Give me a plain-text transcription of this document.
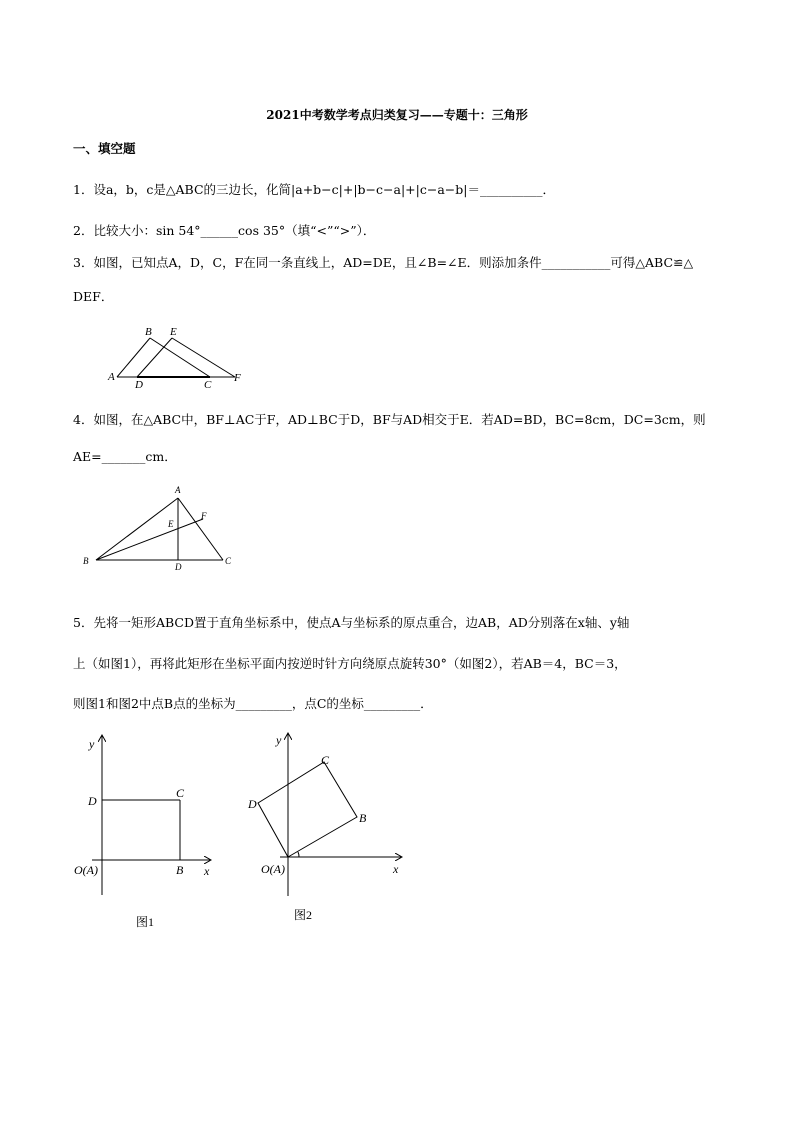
2021中考数学考点归类复习——专题十：三角形
一、填空题
1．设a，b，c是△ABC的三边长，化简|a+b−c|+|b−c−a|+|c−a−b|＝__________．
2．比较大小：sin 54°______cos 35°（填“<”“>”）．
3．如图，已知点A，D，C，F在同一条直线上，AD=DE，且∠B=∠E．则添加条件___________可得△ABC≌△
DEF．
B E
A
D	C
F
4．如图，在△ABC中，BF⊥AC于F，AD⊥BC于D，BF与AD相交于E．若AD=BD，BC=8cm，DC=3cm，则
AE=_______cm．
A
E
F
B
D
C
5．先将一矩形ABCD置于直角坐标系中，使点A与坐标系的原点重合，边AB，AD分别落在x轴、y轴
上（如图1），再将此矩形在坐标平面内按逆时针方向绕原点旋转30°（如图2），若AB＝4，BC＝3，
则图1和图2中点B点的坐标为_________，点C的坐标_________．
y
D
C
O(A)	B x
图1
y
C
D
B
O(A)	x
图2
